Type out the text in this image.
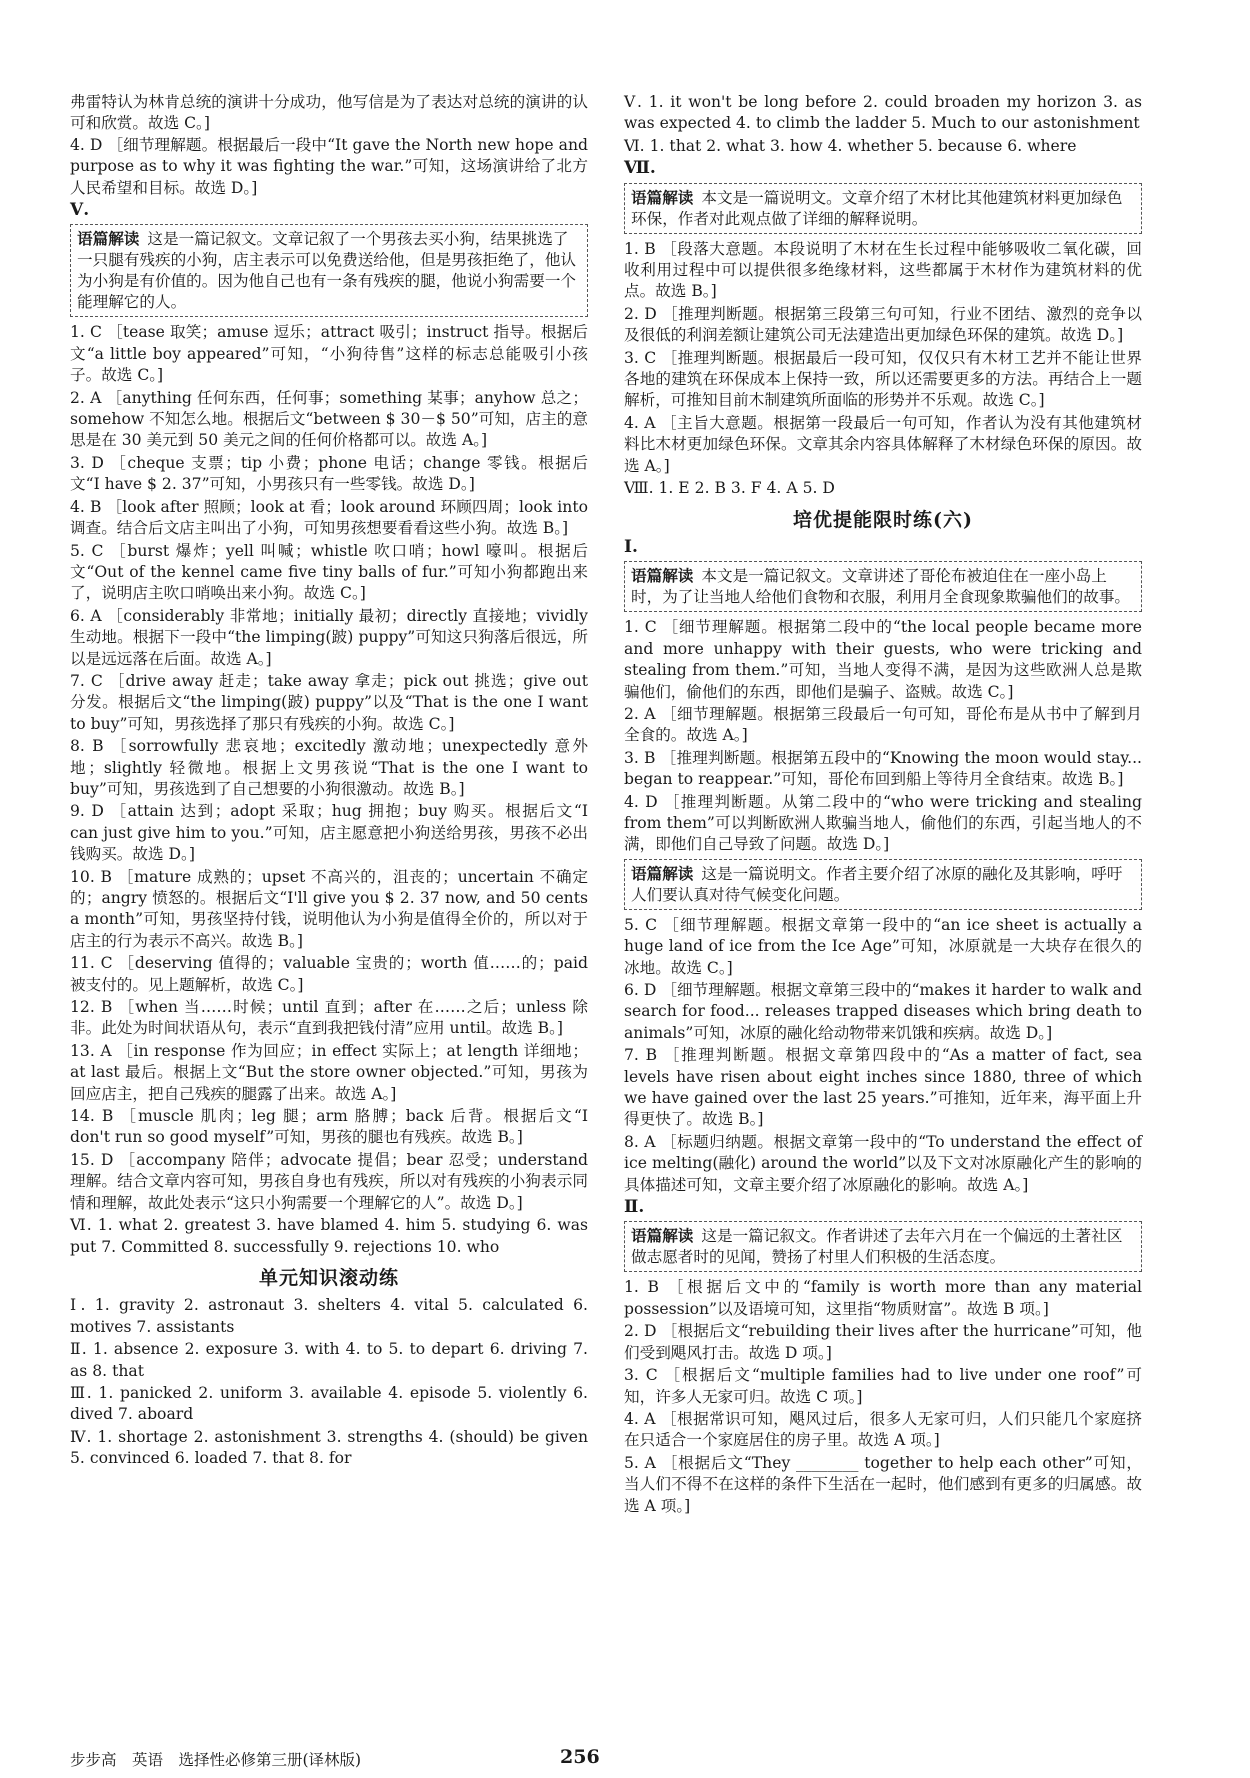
弗雷特认为林肯总统的演讲十分成功，他写信是为了表达对总统的演讲的认可和欣赏。故选 C。]

4. D ［细节理解题。根据最后一段中“It gave the North new hope and purpose as to why it was fighting the war.”可知，这场演讲给了北方人民希望和目标。故选 D。]

Ⅴ.
语篇解读 这是一篇记叙文。文章记叙了一个男孩去买小狗，结果挑选了一只腿有残疾的小狗，店主表示可以免费送给他，但是男孩拒绝了，他认为小狗是有价值的。因为他自己也有一条有残疾的腿，他说小狗需要一个能理解它的人。

1. C ［tease 取笑；amuse 逗乐；attract 吸引；instruct 指导。根据后文“a little boy appeared”可知，“小狗待售”这样的标志总能吸引小孩子。故选 C。]

2. A ［anything 任何东西，任何事；something 某事；anyhow 总之；somehow 不知怎么地。根据后文“between $ 30－$ 50”可知，店主的意思是在 30 美元到 50 美元之间的任何价格都可以。故选 A。]

3. D ［cheque 支票；tip 小费；phone 电话；change 零钱。根据后文“I have $ 2. 37”可知，小男孩只有一些零钱。故选 D。]

4. B ［look after 照顾；look at 看；look around 环顾四周；look into 调查。结合后文店主叫出了小狗，可知男孩想要看看这些小狗。故选 B。]

5. C ［burst 爆炸；yell 叫喊；whistle 吹口哨；howl 嚎叫。根据后文“Out of the kennel came five tiny balls of fur.”可知小狗都跑出来了，说明店主吹口哨唤出来小狗。故选 C。]

6. A ［considerably 非常地；initially 最初；directly 直接地；vividly 生动地。根据下一段中“the limping(跛) puppy”可知这只狗落后很远，所以是远远落在后面。故选 A。]

7. C ［drive away 赶走；take away 拿走；pick out 挑选；give out 分发。根据后文“the limping(跛) puppy”以及“That is the one I want to buy”可知，男孩选择了那只有残疾的小狗。故选 C。]

8. B ［sorrowfully 悲哀地；excitedly 激动地；unexpectedly 意外地；slightly 轻微地。根据上文男孩说“That is the one I want to buy”可知，男孩选到了自己想要的小狗很激动。故选 B。]

9. D ［attain 达到；adopt 采取；hug 拥抱；buy 购买。根据后文“I can just give him to you.”可知，店主愿意把小狗送给男孩，男孩不必出钱购买。故选 D。]

10. B ［mature 成熟的；upset 不高兴的，沮丧的；uncertain 不确定的；angry 愤怒的。根据后文“I'll give you $ 2. 37 now, and 50 cents a month”可知，男孩坚持付钱，说明他认为小狗是值得全价的，所以对于店主的行为表示不高兴。故选 B。]

11. C ［deserving 值得的；valuable 宝贵的；worth 值……的；paid 被支付的。见上题解析，故选 C。]

12. B ［when 当……时候；until 直到；after 在……之后；unless 除非。此处为时间状语从句，表示“直到我把钱付清”应用 until。故选 B。]

13. A ［in response 作为回应；in effect 实际上；at length 详细地；at last 最后。根据上文“But the store owner objected.”可知，男孩为回应店主，把自己残疾的腿露了出来。故选 A。]

14. B ［muscle 肌肉；leg 腿；arm 胳膊；back 后背。根据后文“I don't run so good myself”可知，男孩的腿也有残疾。故选 B。]

15. D ［accompany 陪伴；advocate 提倡；bear 忍受；understand 理解。结合文章内容可知，男孩自身也有残疾，所以对有残疾的小狗表示同情和理解，故此处表示“这只小狗需要一个理解它的人”。故选 D。]

Ⅵ. 1. what 2. greatest 3. have blamed 4. him 5. studying 6. was put 7. Committed 8. successfully 9. rejections 10. who

单元知识滚动练

Ⅰ. 1. gravity 2. astronaut 3. shelters 4. vital 5. calculated 6. motives 7. assistants

Ⅱ. 1. absence 2. exposure 3. with 4. to 5. to depart 6. driving 7. as 8. that

Ⅲ. 1. panicked 2. uniform 3. available 4. episode 5. violently 6. dived 7. aboard

Ⅳ. 1. shortage 2. astonishment 3. strengths 4. (should) be given 5. convinced 6. loaded 7. that 8. for

Ⅴ. 1. it won't be long before 2. could broaden my horizon 3. as was expected 4. to climb the ladder 5. Much to our astonishment

Ⅵ. 1. that 2. what 3. how 4. whether 5. because 6. where

Ⅶ.
语篇解读 本文是一篇说明文。文章介绍了木材比其他建筑材料更加绿色环保，作者对此观点做了详细的解释说明。

1. B ［段落大意题。本段说明了木材在生长过程中能够吸收二氧化碳，回收利用过程中可以提供很多绝缘材料，这些都属于木材作为建筑材料的优点。故选 B。]

2. D ［推理判断题。根据第三段第三句可知，行业不团结、激烈的竞争以及很低的利润差额让建筑公司无法建造出更加绿色环保的建筑。故选 D。]

3. C ［推理判断题。根据最后一段可知，仅仅只有木材工艺并不能让世界各地的建筑在环保成本上保持一致，所以还需要更多的方法。再结合上一题解析，可推知目前木制建筑所面临的形势并不乐观。故选 C。]

4. A ［主旨大意题。根据第一段最后一句可知，作者认为没有其他建筑材料比木材更加绿色环保。文章其余内容具体解释了木材绿色环保的原因。故选 A。]

Ⅷ. 1. E 2. B 3. F 4. A 5. D

培优提能限时练(六)
Ⅰ.
语篇解读 本文是一篇记叙文。文章讲述了哥伦布被迫住在一座小岛上时，为了让当地人给他们食物和衣服，利用月全食现象欺骗他们的故事。

1. C ［细节理解题。根据第二段中的“the local people became more and more unhappy with their guests, who were tricking and stealing from them.”可知，当地人变得不满，是因为这些欧洲人总是欺骗他们，偷他们的东西，即他们是骗子、盗贼。故选 C。]

2. A ［细节理解题。根据第三段最后一句可知，哥伦布是从书中了解到月全食的。故选 A。]

3. B ［推理判断题。根据第五段中的“Knowing the moon would stay... began to reappear.”可知，哥伦布回到船上等待月全食结束。故选 B。]

4. D ［推理判断题。从第二段中的“who were tricking and stealing from them”可以判断欧洲人欺骗当地人，偷他们的东西，引起当地人的不满，即他们自己导致了问题。故选 D。]

语篇解读 这是一篇说明文。作者主要介绍了冰原的融化及其影响，呼吁人们要认真对待气候变化问题。

5. C ［细节理解题。根据文章第一段中的“an ice sheet is actually a huge land of ice from the Ice Age”可知，冰原就是一大块存在很久的冰地。故选 C。]

6. D ［细节理解题。根据文章第三段中的“makes it harder to walk and search for food... releases trapped diseases which bring death to animals”可知，冰原的融化给动物带来饥饿和疾病。故选 D。]

7. B ［推理判断题。根据文章第四段中的“As a matter of fact, sea levels have risen about eight inches since 1880, three of which we have gained over the last 25 years.”可推知，近年来，海平面上升得更快了。故选 B。]

8. A ［标题归纳题。根据文章第一段中的“To understand the effect of ice melting(融化) around the world”以及下文对冰原融化产生的影响的具体描述可知，文章主要介绍了冰原融化的影响。故选 A。]

Ⅱ.
语篇解读 这是一篇记叙文。作者讲述了去年六月在一个偏远的土著社区做志愿者时的见闻，赞扬了村里人们积极的生活态度。

1. B ［根据后文中的“family is worth more than any material possession”以及语境可知，这里指“物质财富”。故选 B 项。]

2. D ［根据后文“rebuilding their lives after the hurricane”可知，他们受到飓风打击。故选 D 项。]

3. C ［根据后文“multiple families had to live under one roof”可知，许多人无家可归。故选 C 项。]

4. A ［根据常识可知，飓风过后，很多人无家可归，人们只能几个家庭挤在只适合一个家庭居住的房子里。故选 A 项。]

5. A ［根据后文“They ________ together to help each other”可知，当人们不得不在这样的条件下生活在一起时，他们感到有更多的归属感。故选 A 项。]

步步高　英语　选择性必修第三册(译林版)	256
